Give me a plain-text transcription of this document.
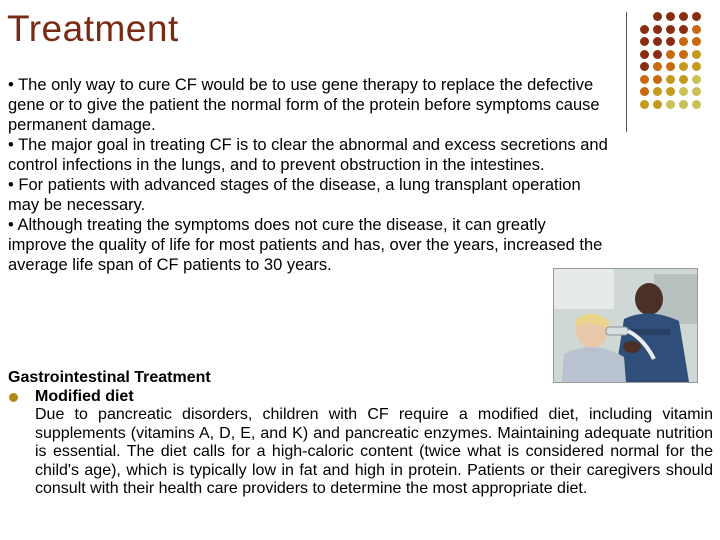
Treatment

• The only way to cure CF would be to use gene therapy to replace the defective gene or to give the patient the normal form of the protein before symptoms cause permanent damage.

• The major goal in treating CF is to clear the abnormal and excess secretions and control infections in the lungs, and to prevent obstruction in the intestines.

• For patients with advanced stages of the disease, a lung transplant operation may be necessary.

• Although treating the symptoms does not cure the disease, it can greatly improve the quality of life for most patients and has, over the years, increased the average life span of CF patients to 30 years.

Gastrointestinal Treatment
Modified diet
Due to pancreatic disorders, children with CF require a modified diet, including vitamin supplements (vitamins A, D, E, and K) and pancreatic enzymes. Maintaining adequate nutrition is essential. The diet calls for a high-caloric content (twice what is considered normal for the child's age), which is typically low in fat and high in protein. Patients or their caregivers should consult with their health care providers to determine the most appropriate diet.
